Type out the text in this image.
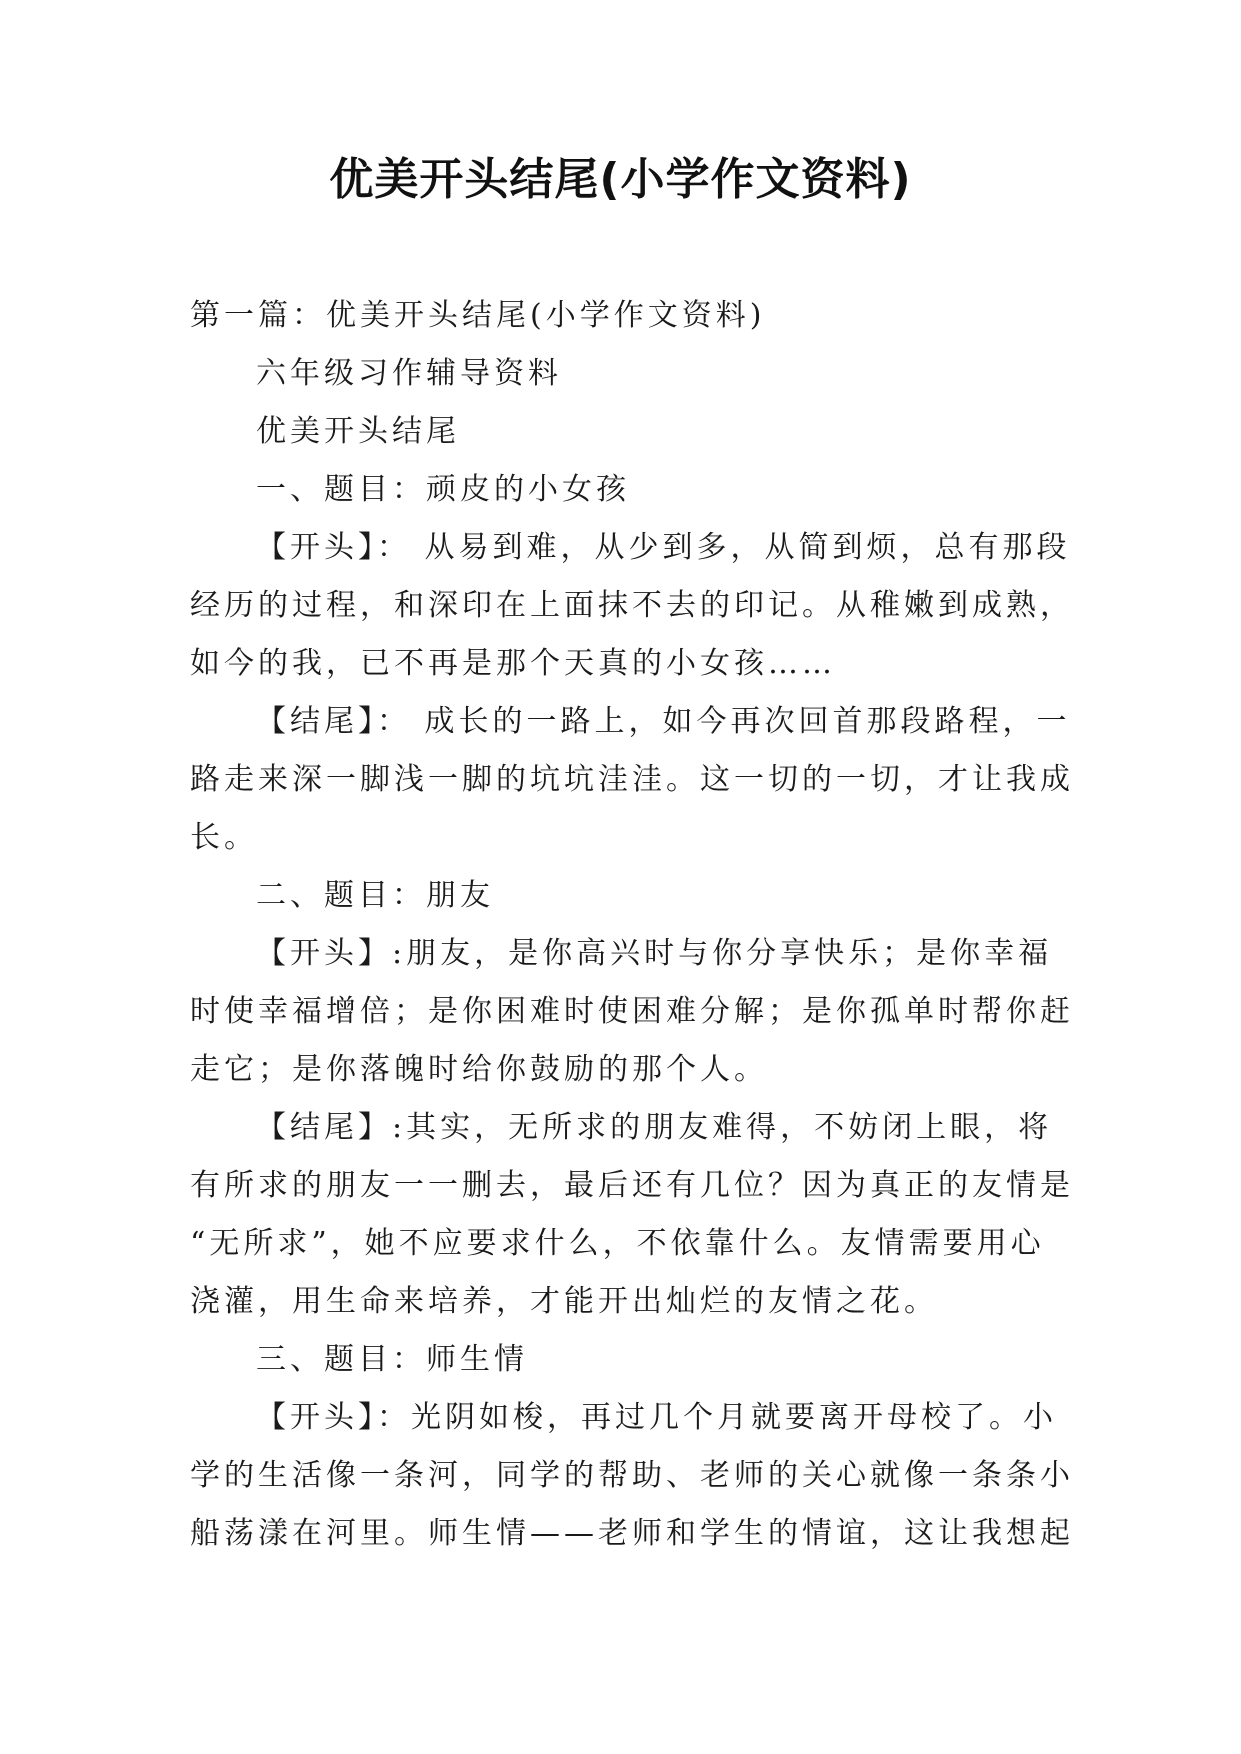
优美开头结尾(小学作文资料)
第一篇：优美开头结尾(小学作文资料)
六年级习作辅导资料
优美开头结尾
一、题目：顽皮的小女孩
【开头】： 从易到难，从少到多，从简到烦，总有那段
经历的过程，和深印在上面抹不去的印记。从稚嫩到成熟，
如今的我，已不再是那个天真的小女孩……
【结尾】： 成长的一路上，如今再次回首那段路程，一
路走来深一脚浅一脚的坑坑洼洼。这一切的一切，才让我成
长。
二、题目：朋友
【开头】:朋友，是你高兴时与你分享快乐；是你幸福
时使幸福增倍；是你困难时使困难分解；是你孤单时帮你赶
走它；是你落魄时给你鼓励的那个人。
【结尾】:其实，无所求的朋友难得，不妨闭上眼，将
有所求的朋友一一删去，最后还有几位？因为真正的友情是
“无所求”，她不应要求什么，不依靠什么。友情需要用心
浇灌，用生命来培养，才能开出灿烂的友情之花。
三、题目：师生情
【开头】：光阴如梭，再过几个月就要离开母校了。小
学的生活像一条河，同学的帮助、老师的关心就像一条条小
船荡漾在河里。师生情——老师和学生的情谊，这让我想起
